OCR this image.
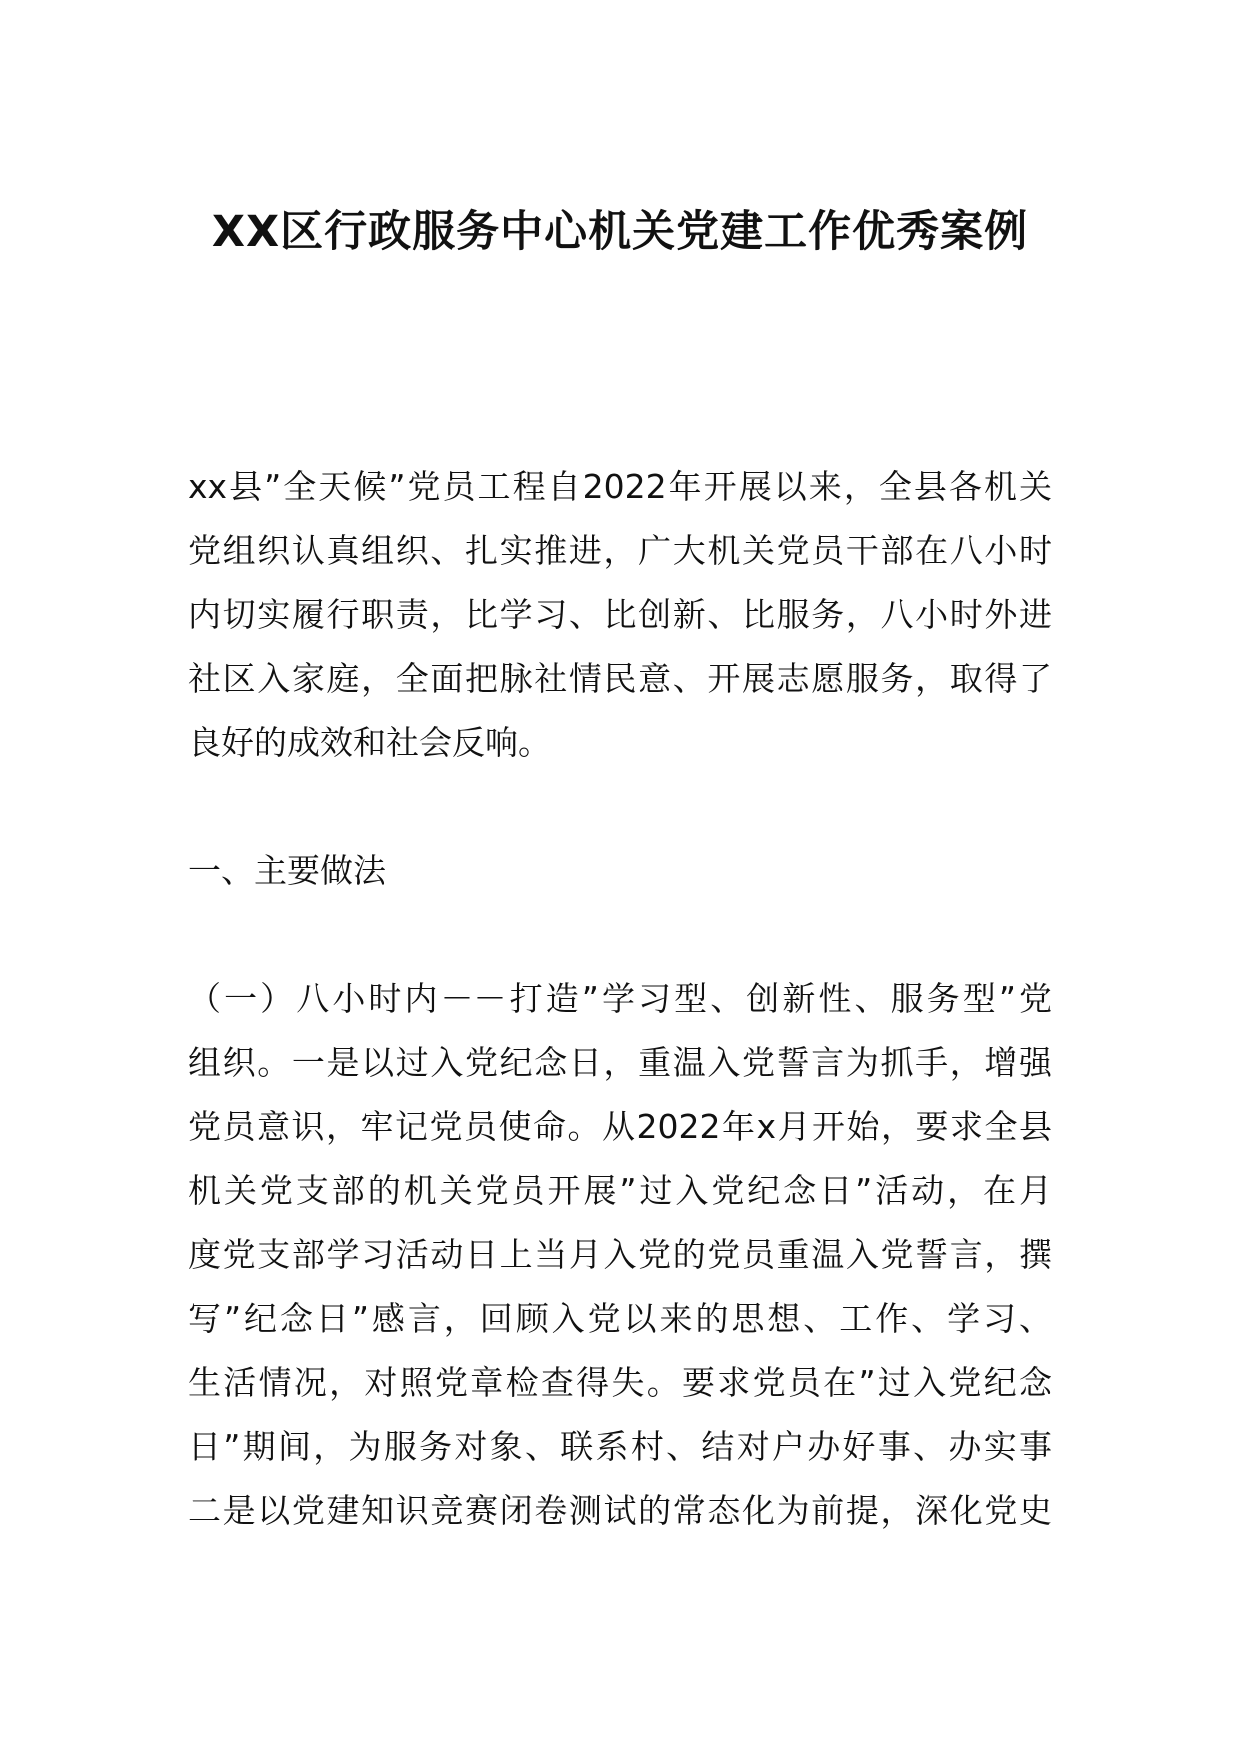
XX区行政服务中心机关党建工作优秀案例
xx县”全天候”党员工程自2022年开展以来，全县各机关
党组织认真组织、扎实推进，广大机关党员干部在八小时
内切实履行职责，比学习、比创新、比服务，八小时外进
社区入家庭，全面把脉社情民意、开展志愿服务，取得了
良好的成效和社会反响。
一、主要做法
（一）八小时内－－打造”学习型、创新性、服务型”党
组织。一是以过入党纪念日，重温入党誓言为抓手，增强
党员意识，牢记党员使命。从2022年x月开始，要求全县
机关党支部的机关党员开展”过入党纪念日”活动，在月
度党支部学习活动日上当月入党的党员重温入党誓言，撰
写”纪念日”感言，回顾入党以来的思想、工作、学习、
生活情况，对照党章检查得失。要求党员在”过入党纪念
日”期间，为服务对象、联系村、结对户办好事、办实事
二是以党建知识竞赛闭卷测试的常态化为前提，深化党史
